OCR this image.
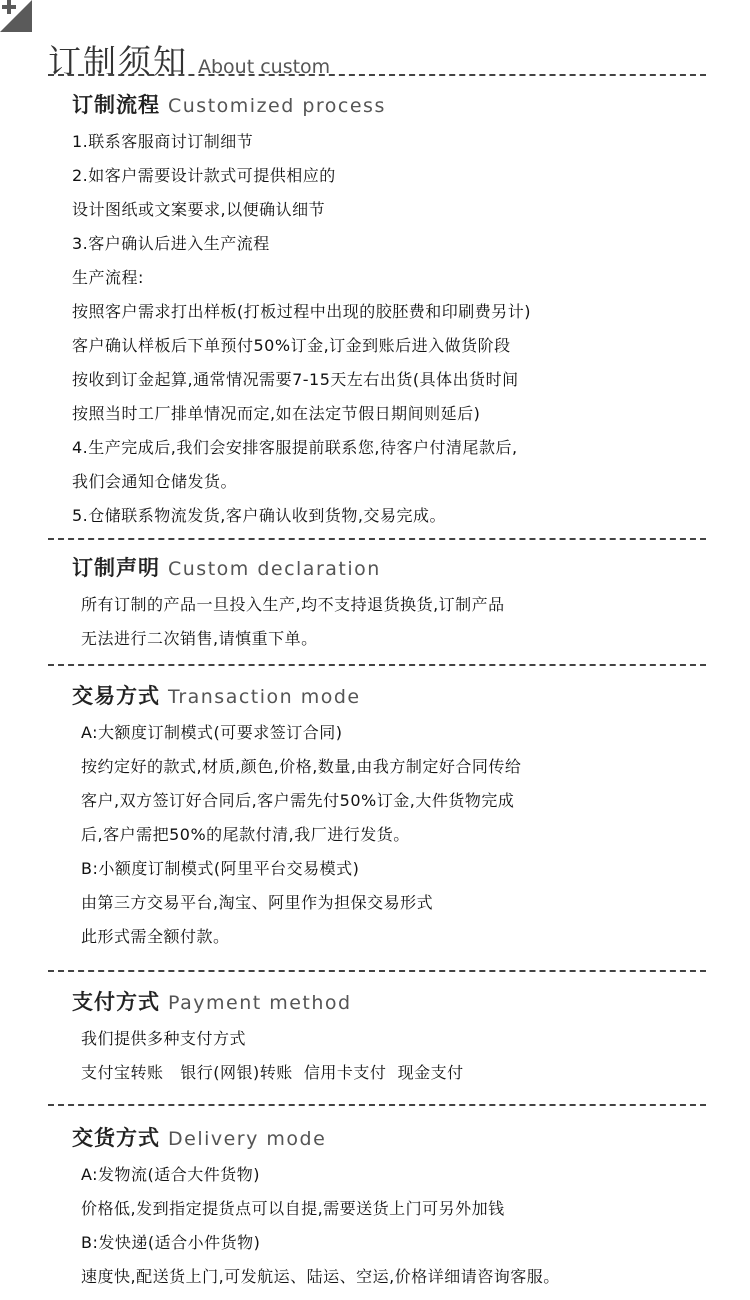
订制须知 About custom
订制流程 Customized process
1.联系客服商讨订制细节
2.如客户需要设计款式可提供相应的
设计图纸或文案要求,以便确认细节
3.客户确认后进入生产流程
生产流程:
按照客户需求打出样板(打板过程中出现的胶胚费和印刷费另计)
客户确认样板后下单预付50%订金,订金到账后进入做货阶段
按收到订金起算,通常情况需要7-15天左右出货(具体出货时间
按照当时工厂排单情况而定,如在法定节假日期间则延后)
4.生产完成后,我们会安排客服提前联系您,待客户付清尾款后,
我们会通知仓储发货。
5.仓储联系物流发货,客户确认收到货物,交易完成。
订制声明 Custom declaration
所有订制的产品一旦投入生产,均不支持退货换货,订制产品
无法进行二次销售,请慎重下单。
交易方式 Transaction mode
A:大额度订制模式(可要求签订合同)
按约定好的款式,材质,颜色,价格,数量,由我方制定好合同传给
客户,双方签订好合同后,客户需先付50%订金,大件货物完成
后,客户需把50%的尾款付清,我厂进行发货。
B:小额度订制模式(阿里平台交易模式)
由第三方交易平台,淘宝、阿里作为担保交易形式
此形式需全额付款。
支付方式 Payment method
我们提供多种支付方式
支付宝转账   银行(网银)转账  信用卡支付  现金支付
交货方式 Delivery mode
A:发物流(适合大件货物)
价格低,发到指定提货点可以自提,需要送货上门可另外加钱
B:发快递(适合小件货物)
速度快,配送货上门,可发航运、陆运、空运,价格详细请咨询客服。
